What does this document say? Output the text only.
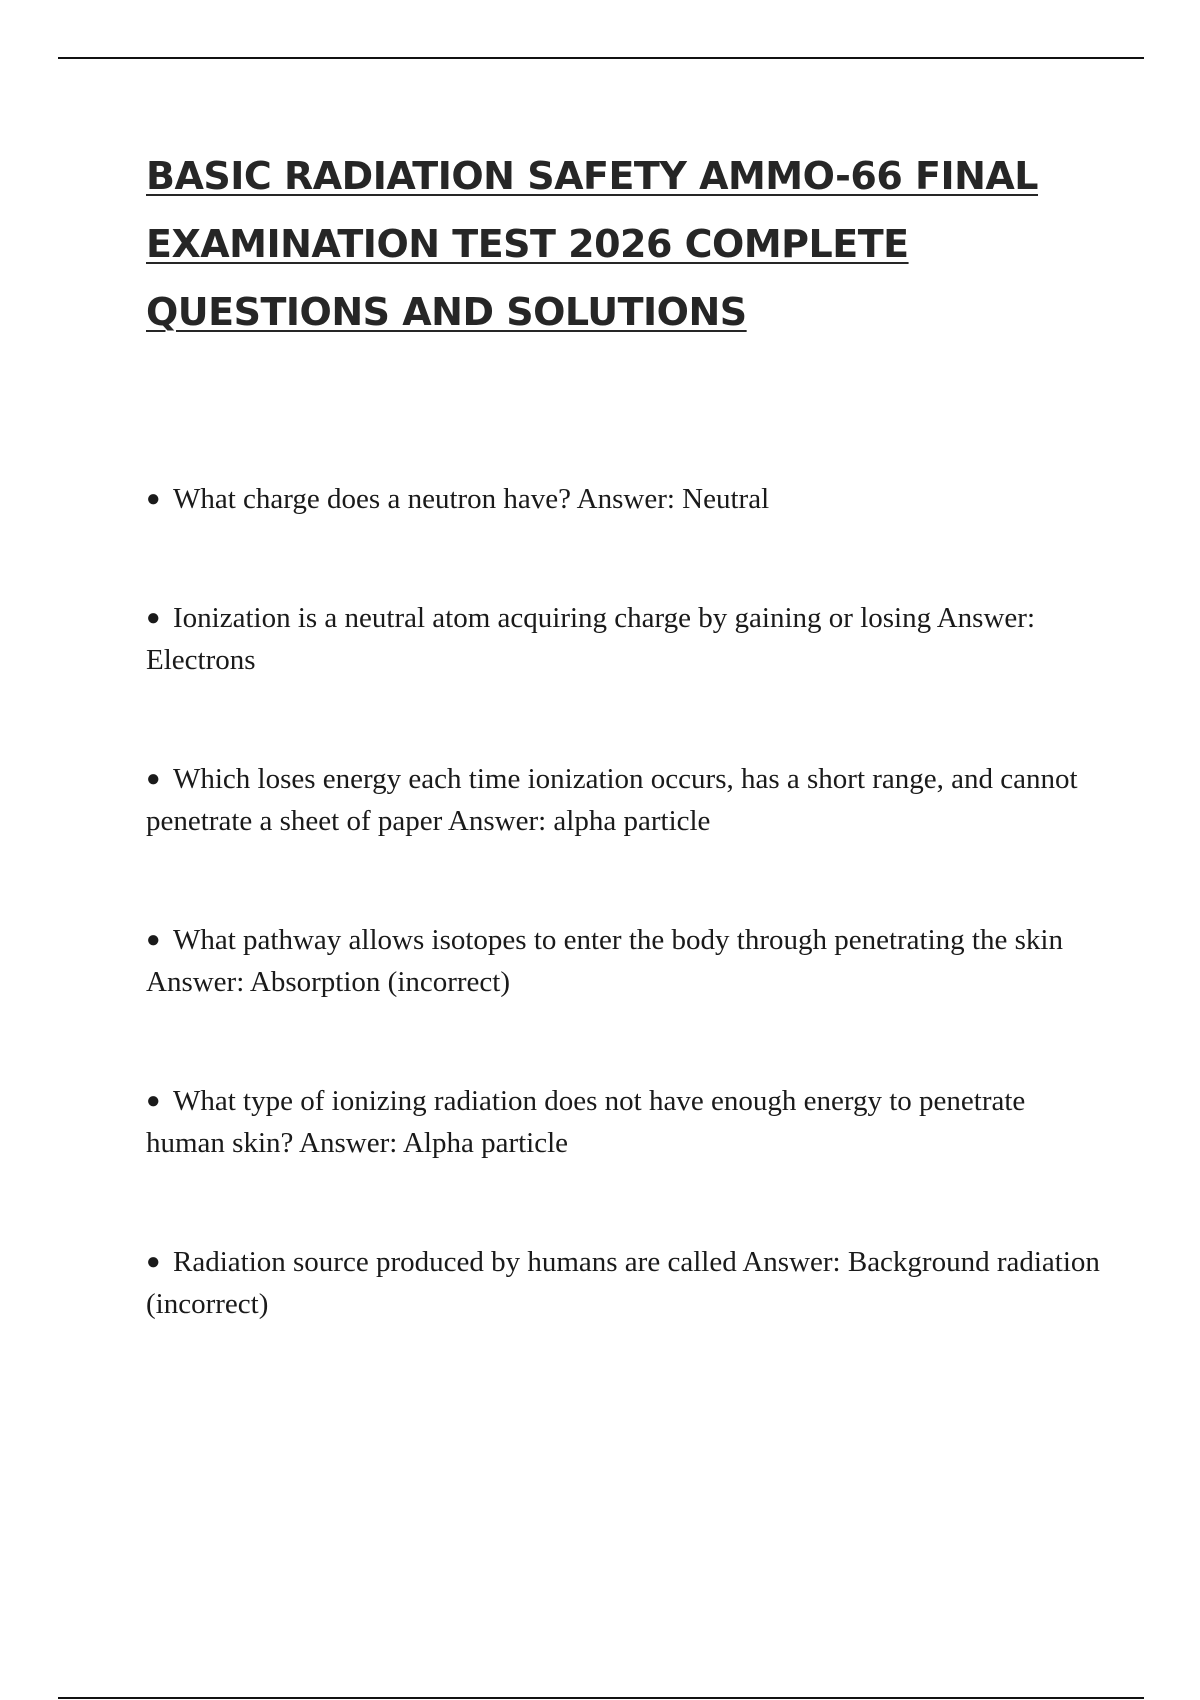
BASIC RADIATION SAFETY AMMO-66 FINAL EXAMINATION TEST 2026 COMPLETE QUESTIONS AND SOLUTIONS
● What charge does a neutron have? Answer: Neutral
● Ionization is a neutral atom acquiring charge by gaining or losing Answer: Electrons
● Which loses energy each time ionization occurs, has a short range, and cannot penetrate a sheet of paper Answer: alpha particle
● What pathway allows isotopes to enter the body through penetrating the skin Answer: Absorption (incorrect)
● What type of ionizing radiation does not have enough energy to penetrate human skin? Answer: Alpha particle
● Radiation source produced by humans are called Answer: Background radiation (incorrect)
